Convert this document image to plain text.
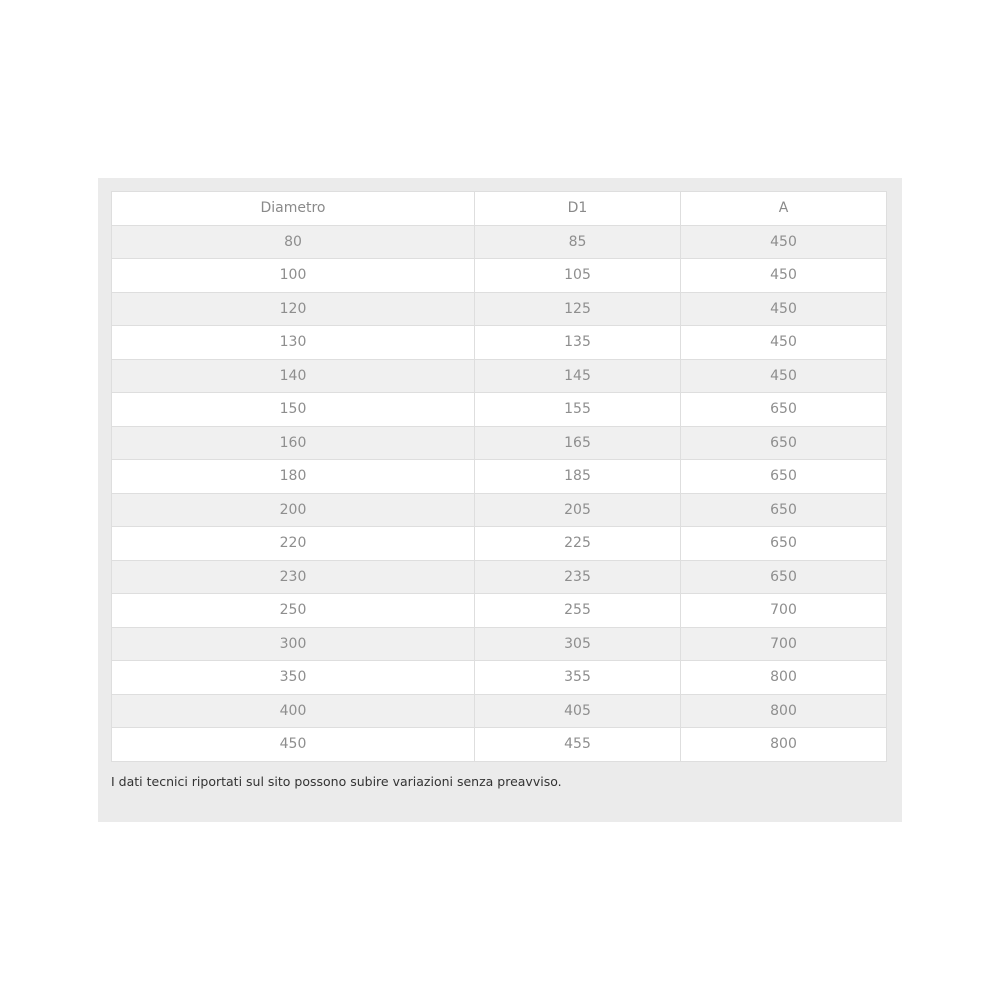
Diametro	D1	A
80	85	450
100	105	450
120	125	450
130	135	450
140	145	450
150	155	650
160	165	650
180	185	650
200	205	650
220	225	650
230	235	650
250	255	700
300	305	700
350	355	800
400	405	800
450	455	800
I dati tecnici riportati sul sito possono subire variazioni senza preavviso.
